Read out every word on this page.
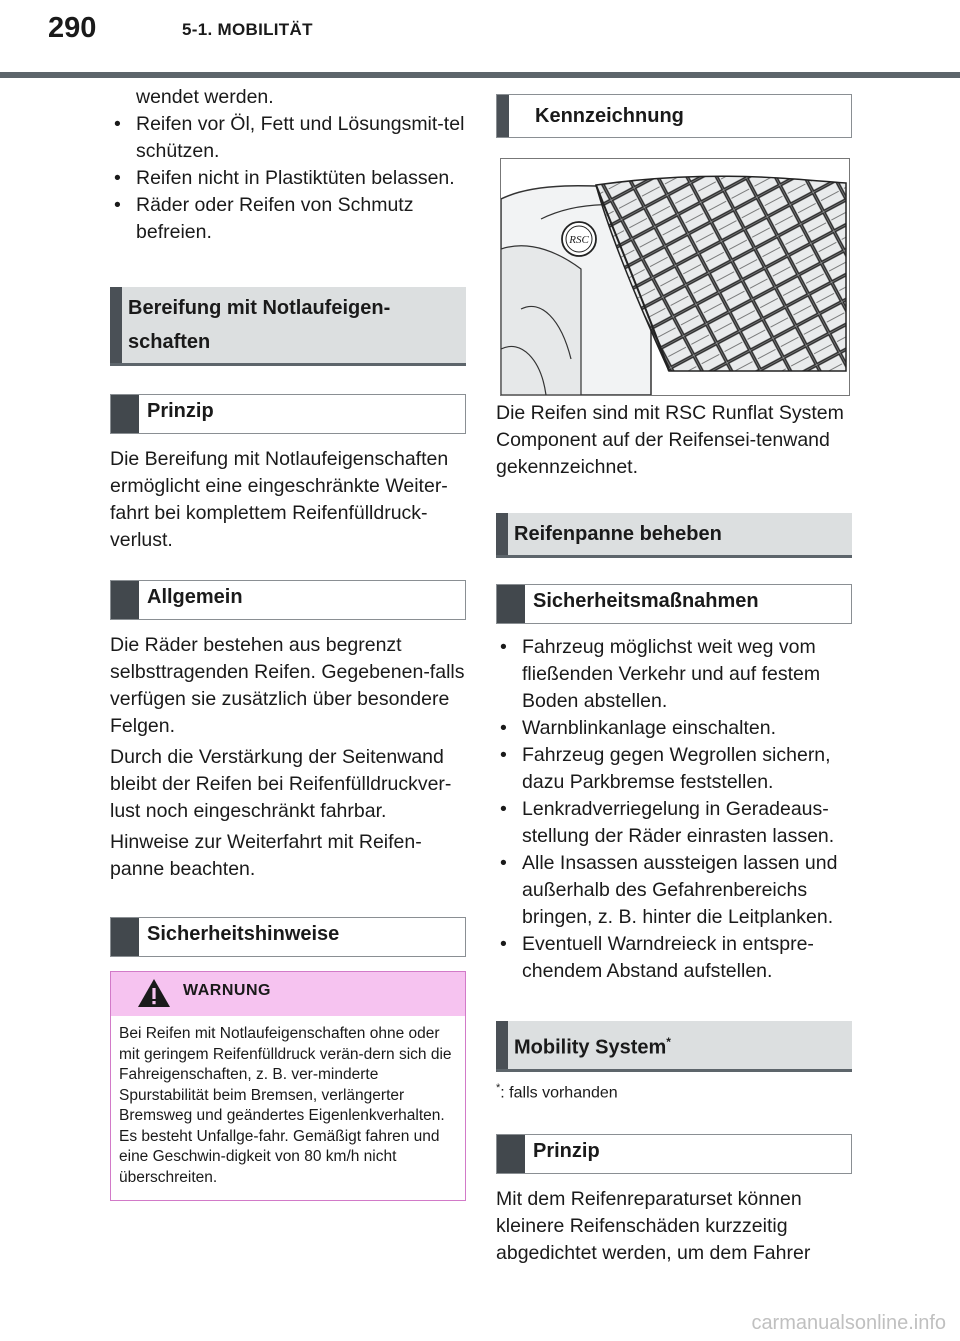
290	5-1. MOBILITÄT
wendet werden.
• Reifen vor Öl, Fett und Lösungsmit-tel schützen.
• Reifen nicht in Plastiktüten belassen.
• Räder oder Reifen von Schmutz befreien.
Bereifung mit Notlaufeigen-schaften
Prinzip

Die Bereifung mit Notlaufeigenschaften ermöglicht eine eingeschränkte Weiter-fahrt bei komplettem Reifenfülldruck-verlust.

Allgemein

Die Räder bestehen aus begrenzt selbsttragenden Reifen. Gegebenen-falls verfügen sie zusätzlich über besondere Felgen.

Durch die Verstärkung der Seitenwand bleibt der Reifen bei Reifenfülldruckver-lust noch eingeschränkt fahrbar.

Hinweise zur Weiterfahrt mit Reifen-panne beachten.

Sicherheitshinweise
WARNUNG
Bei Reifen mit Notlaufeigenschaften ohne oder mit geringem Reifenfülldruck verän-dern sich die Fahreigenschaften, z. B. ver-minderte Spurstabilität beim Bremsen, verlängerter Bremsweg und geändertes Eigenlenkverhalten. Es besteht Unfallge-fahr. Gemäßigt fahren und eine Geschwin-digkeit von 80 km/h nicht überschreiten.
Kennzeichnung
RSC

Die Reifen sind mit RSC Runflat System Component auf der Reifensei-tenwand gekennzeichnet.

Reifenpanne beheben
Sicherheitsmaßnahmen
• Fahrzeug möglichst weit weg vom fließenden Verkehr und auf festem Boden abstellen.
• Warnblinkanlage einschalten.
• Fahrzeug gegen Wegrollen sichern, dazu Parkbremse feststellen.
• Lenkradverriegelung in Geradeaus-stellung der Räder einrasten lassen.
• Alle Insassen aussteigen lassen und außerhalb des Gefahrenbereichs bringen, z. B. hinter die Leitplanken.
• Eventuell Warndreieck in entspre-chendem Abstand aufstellen.
Mobility System*
*: falls vorhanden
Prinzip

Mit dem Reifenreparaturset können kleinere Reifenschäden kurzzeitig abgedichtet werden, um dem Fahrer

carmanualsonline.info
